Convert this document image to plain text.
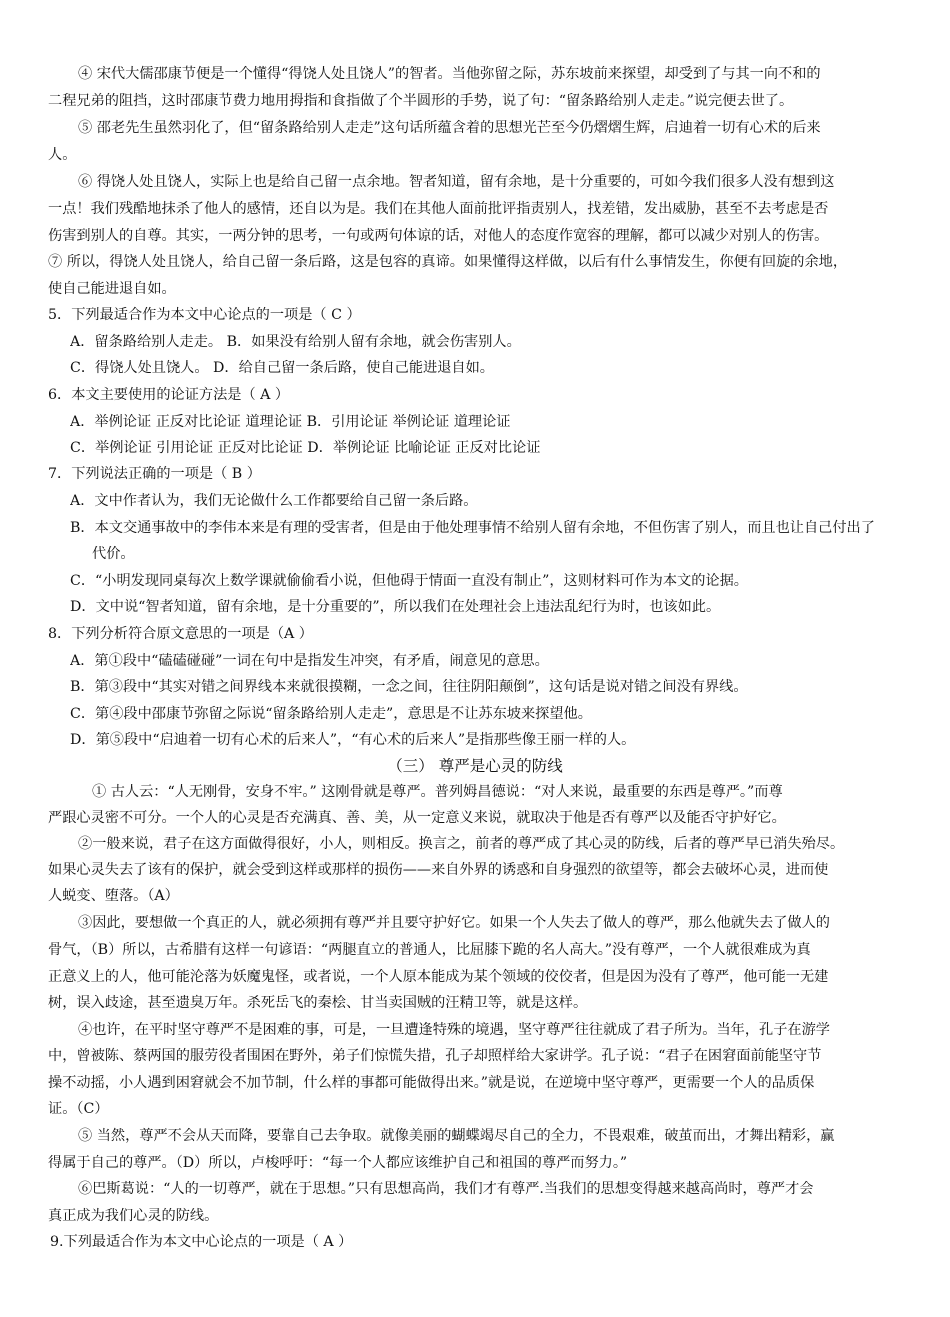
④ 宋代大儒邵康节便是一个懂得“得饶人处且饶人”的智者。当他弥留之际，苏东坡前来探望，却受到了与其一向不和的
二程兄弟的阻挡，这时邵康节费力地用拇指和食指做了个半圆形的手势，说了句：“留条路给别人走走。”说完便去世了。
⑤ 邵老先生虽然羽化了，但“留条路给别人走走”这句话所蕴含着的思想光芒至今仍熠熠生辉，启迪着一切有心术的后来
人。
⑥ 得饶人处且饶人，实际上也是给自己留一点余地。智者知道，留有余地，是十分重要的，可如今我们很多人没有想到这
一点！我们残酷地抹杀了他人的感情，还自以为是。我们在其他人面前批评指责别人，找差错，发出威胁，甚至不去考虑是否
伤害到别人的自尊。其实，一两分钟的思考，一句或两句体谅的话，对他人的态度作宽容的理解，都可以减少对别人的伤害。
⑦ 所以，得饶人处且饶人，给自己留一条后路，这是包容的真谛。如果懂得这样做，以后有什么事情发生，你便有回旋的余地，
使自己能进退自如。
5．下列最适合作为本文中心论点的一项是（ C ）
A．留条路给别人走走。 B．如果没有给别人留有余地，就会伤害别人。
C．得饶人处且饶人。 D．给自己留一条后路，使自己能进退自如。
6．本文主要使用的论证方法是（ A ）
A．举例论证 正反对比论证 道理论证 B．引用论证 举例论证 道理论证
C．举例论证 引用论证 正反对比论证 D．举例论证 比喻论证 正反对比论证
7．下列说法正确的一项是（ B ）
A．文中作者认为，我们无论做什么工作都要给自己留一条后路。
B．本文交通事故中的李伟本来是有理的受害者，但是由于他处理事情不给别人留有余地，不但伤害了别人，而且也让自己付出了
代价。
C．“小明发现同桌每次上数学课就偷偷看小说，但他碍于情面一直没有制止”，这则材料可作为本文的论据。
D．文中说“智者知道，留有余地，是十分重要的”，所以我们在处理社会上违法乱纪行为时，也该如此。
8．下列分析符合原文意思的一项是（A ）
A．第①段中“磕磕碰碰”一词在句中是指发生冲突，有矛盾，闹意见的意思。
B．第③段中“其实对错之间界线本来就很摸糊，一念之间，往往阴阳颠倒”，这句话是说对错之间没有界线。
C．第④段中邵康节弥留之际说“留条路给别人走走”，意思是不让苏东坡来探望他。
D．第⑤段中“启迪着一切有心术的后来人”，“有心术的后来人”是指那些像王丽一样的人。
（三） 尊严是心灵的防线
① 古人云：“人无刚骨，安身不牢。” 这刚骨就是尊严。普列姆昌德说：“对人来说，最重要的东西是尊严。”而尊
严跟心灵密不可分。一个人的心灵是否充满真、善、美，从一定意义来说，就取决于他是否有尊严以及能否守护好它。
②一般来说，君子在这方面做得很好，小人，则相反。换言之，前者的尊严成了其心灵的防线，后者的尊严早已消失殆尽。
如果心灵失去了该有的保护，就会受到这样或那样的损伤——来自外界的诱惑和自身强烈的欲望等，都会去破坏心灵，进而使
人蜕变、堕落。（A）
③因此，要想做一个真正的人，就必须拥有尊严并且要守护好它。如果一个人失去了做人的尊严，那么他就失去了做人的
骨气，（B）所以，古希腊有这样一句谚语：“两腿直立的普通人，比屈膝下跪的名人高大。”没有尊严，一个人就很难成为真
正意义上的人，他可能沦落为妖魔鬼怪，或者说，一个人原本能成为某个领域的佼佼者，但是因为没有了尊严，他可能一无建
树，误入歧途，甚至遗臭万年。杀死岳飞的秦桧、甘当卖国贼的汪精卫等，就是这样。
④也许，在平时坚守尊严不是困难的事，可是，一旦遭逢特殊的境遇，坚守尊严往往就成了君子所为。当年，孔子在游学
中，曾被陈、蔡两国的服劳役者围困在野外，弟子们惊慌失措，孔子却照样给大家讲学。孔子说：“君子在困窘面前能坚守节
操不动摇，小人遇到困窘就会不加节制，什么样的事都可能做得出来。”就是说，在逆境中坚守尊严，更需要一个人的品质保
证。（C）
⑤ 当然，尊严不会从天而降，要靠自己去争取。就像美丽的蝴蝶竭尽自己的全力，不畏艰难，破茧而出，才舞出精彩，赢
得属于自己的尊严。（D）所以，卢梭呼吁：“每一个人都应该维护自己和祖国的尊严而努力。”
⑥巴斯葛说：“人的一切尊严，就在于思想。”只有思想高尚，我们才有尊严.当我们的思想变得越来越高尚时，尊严才会
真正成为我们心灵的防线。
9.下列最适合作为本文中心论点的一项是（ A ）
